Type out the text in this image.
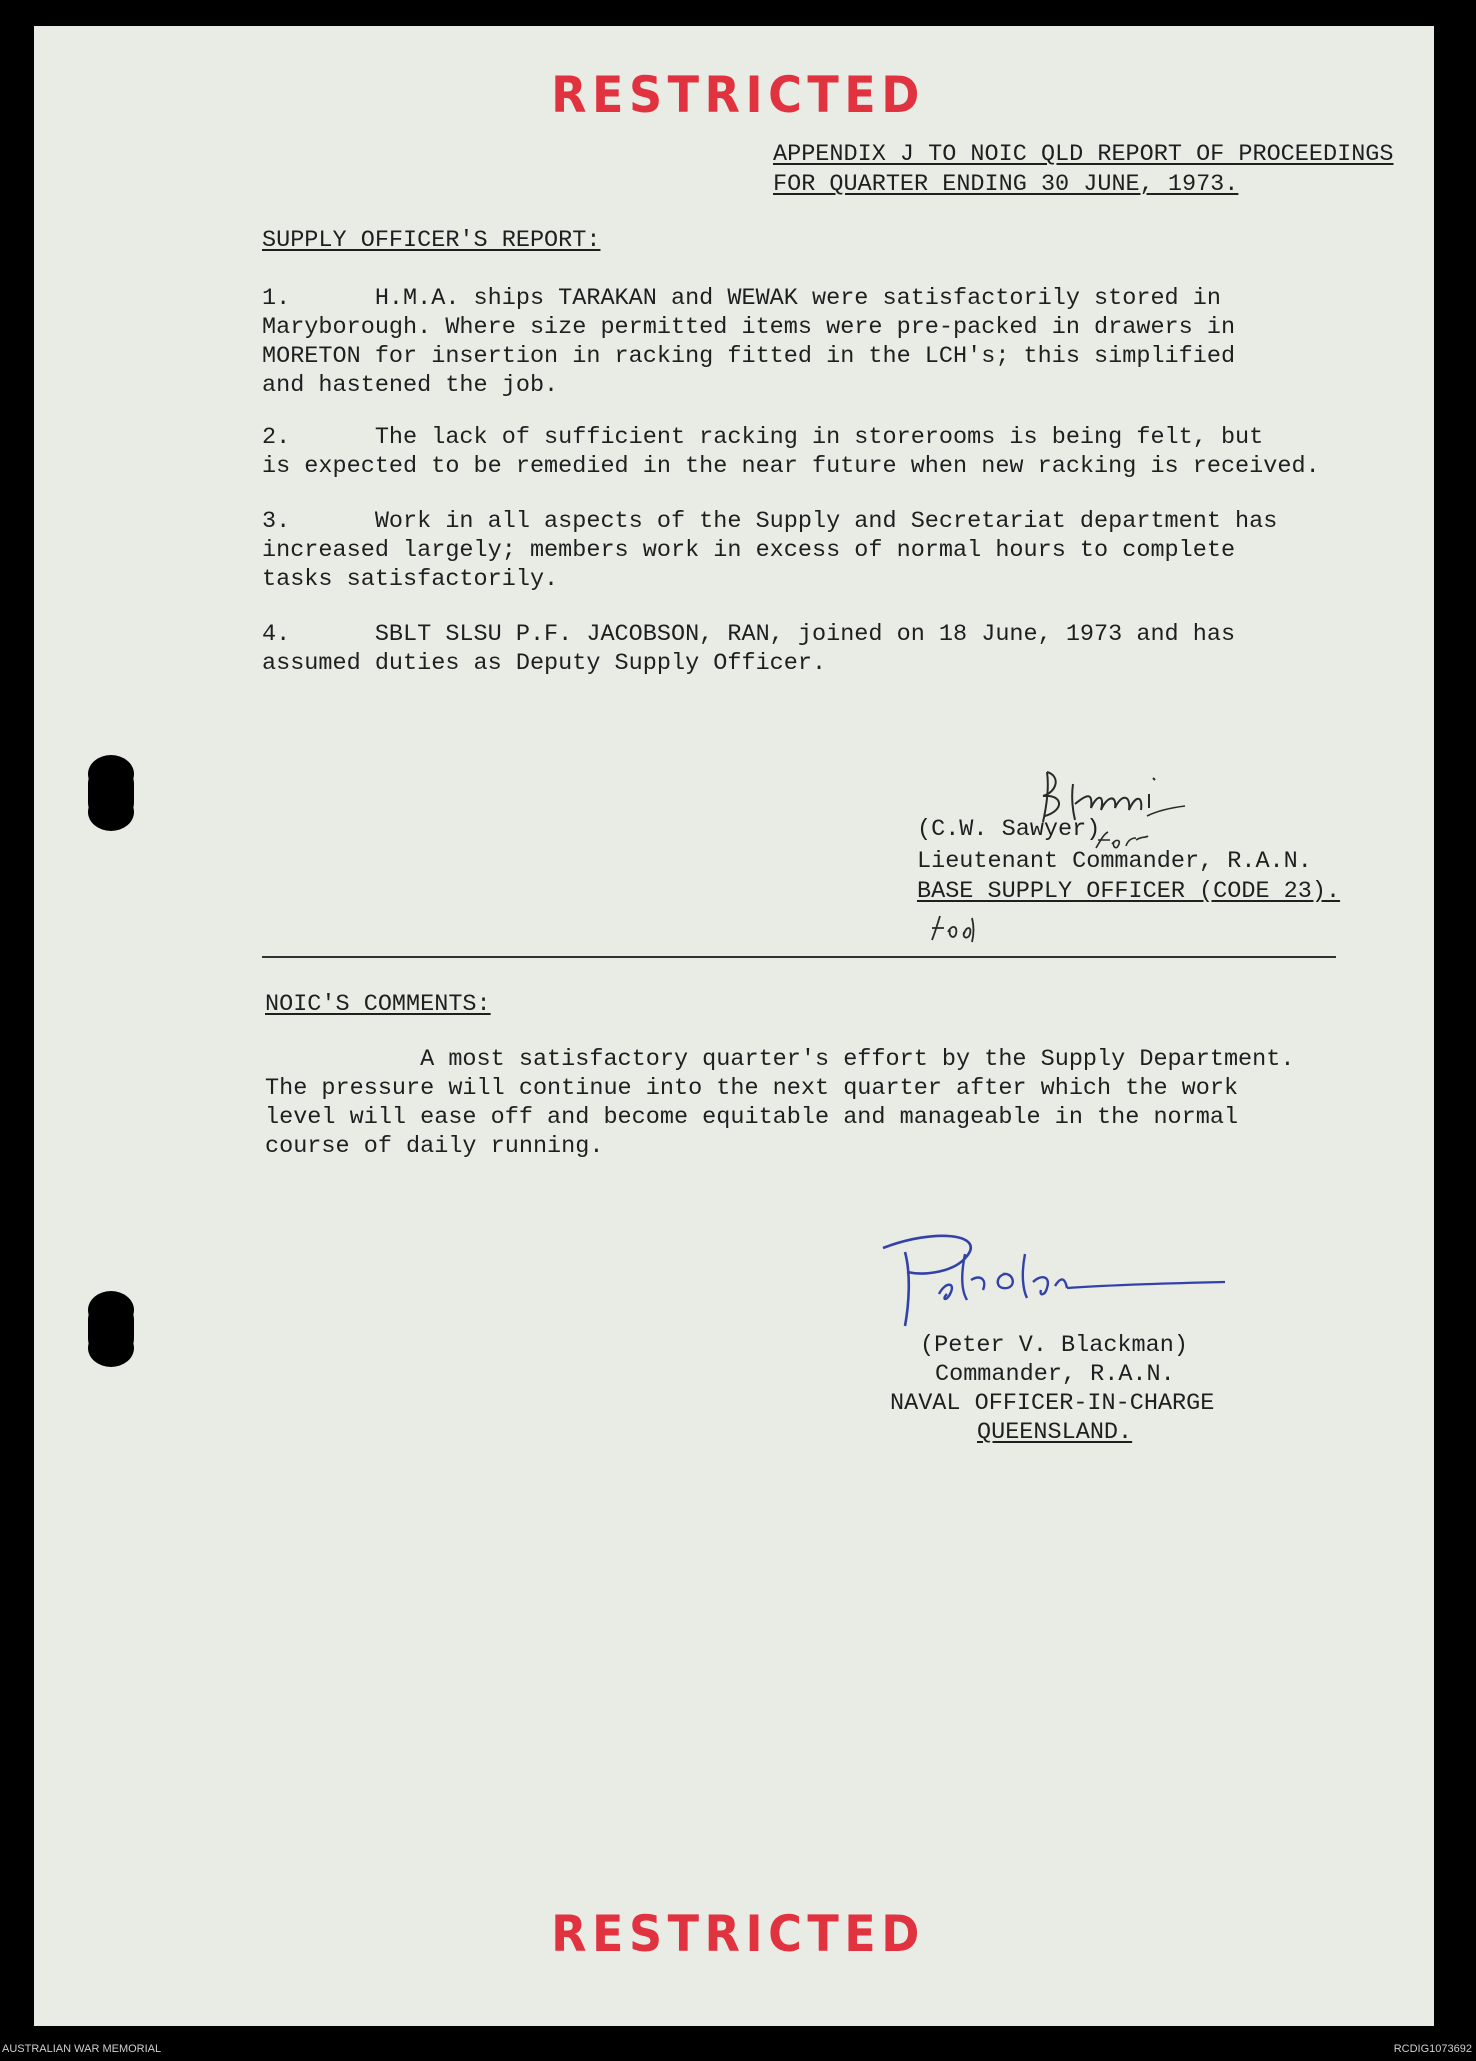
RESTRICTED
APPENDIX J TO NOIC QLD REPORT OF PROCEEDINGS
FOR QUARTER ENDING 30 JUNE, 1973.
SUPPLY OFFICER'S REPORT:
1.      H.M.A. ships TARAKAN and WEWAK were satisfactorily stored in
Maryborough. Where size permitted items were pre-packed in drawers in
MORETON for insertion in racking fitted in the LCH's; this simplified
and hastened the job.
2.      The lack of sufficient racking in storerooms is being felt, but
is expected to be remedied in the near future when new racking is received.
3.      Work in all aspects of the Supply and Secretariat department has
increased largely; members work in excess of normal hours to complete
tasks satisfactorily.
4.      SBLT SLSU P.F. JACOBSON, RAN, joined on 18 June, 1973 and has
assumed duties as Deputy Supply Officer.
(C.W. Sawyer)
Lieutenant Commander, R.A.N.
BASE SUPPLY OFFICER (CODE 23).
NOIC'S COMMENTS:
A most satisfactory quarter's effort by the Supply Department.
The pressure will continue into the next quarter after which the work
level will ease off and become equitable and manageable in the normal
course of daily running.
(Peter V. Blackman)
Commander, R.A.N.
NAVAL OFFICER-IN-CHARGE
QUEENSLAND.
RESTRICTED
AUSTRALIAN WAR MEMORIAL	RCDIG1073692
